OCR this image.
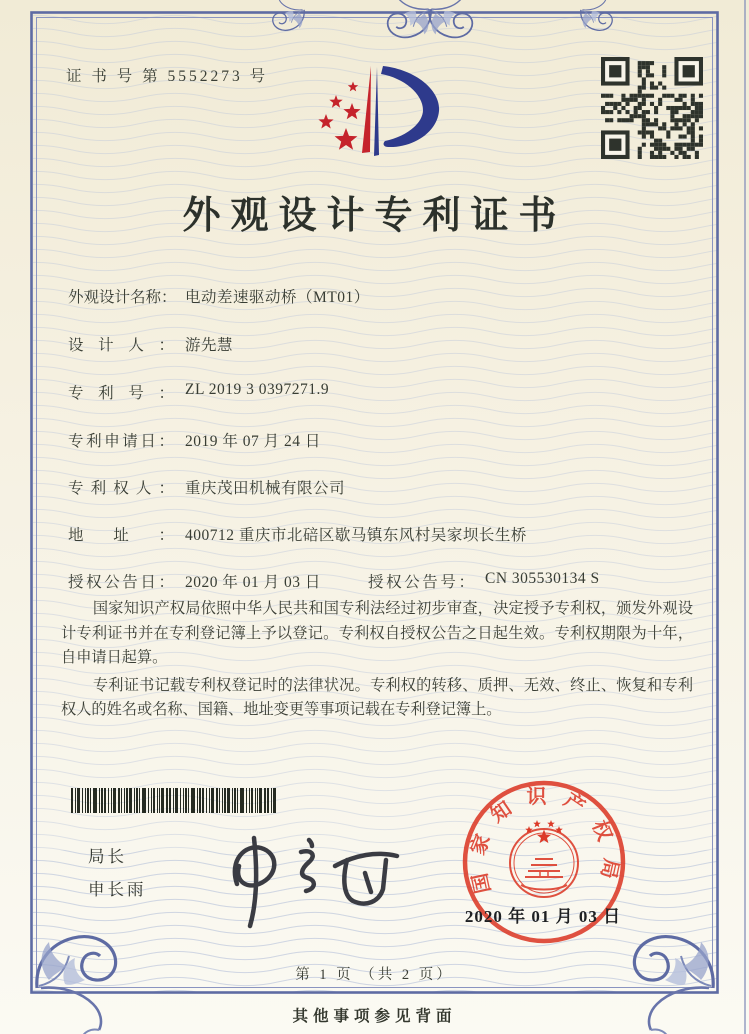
证 书 号 第 5552273 号
外观设计专利证书
外观设计名称： 电动差速驱动桥（MT01）
设计人： 游先慧
专利号： ZL 2019 3 0397271.9
专利申请日： 2019 年 07 月 24 日
专利权人： 重庆茂田机械有限公司
地址： 400712 重庆市北碚区歇马镇东风村吴家坝长生桥
授权公告日： 2020 年 01 月 03 日	授权公告号： CN 305530134 S

国家知识产权局依照中华人民共和国专利法经过初步审查，决定授予专利权，颁发外观设计专利证书并在专利登记簿上予以登记。专利权自授权公告之日起生效。专利权期限为十年，自申请日起算。

专利证书记载专利权登记时的法律状况。专利权的转移、质押、无效、终止、恢复和专利权人的姓名或名称、国籍、地址变更等事项记载在专利登记簿上。

局长
申长雨	国家知识产权局
2020 年 01 月 03 日
第 1 页 （共 2 页）
其他事项参见背面
